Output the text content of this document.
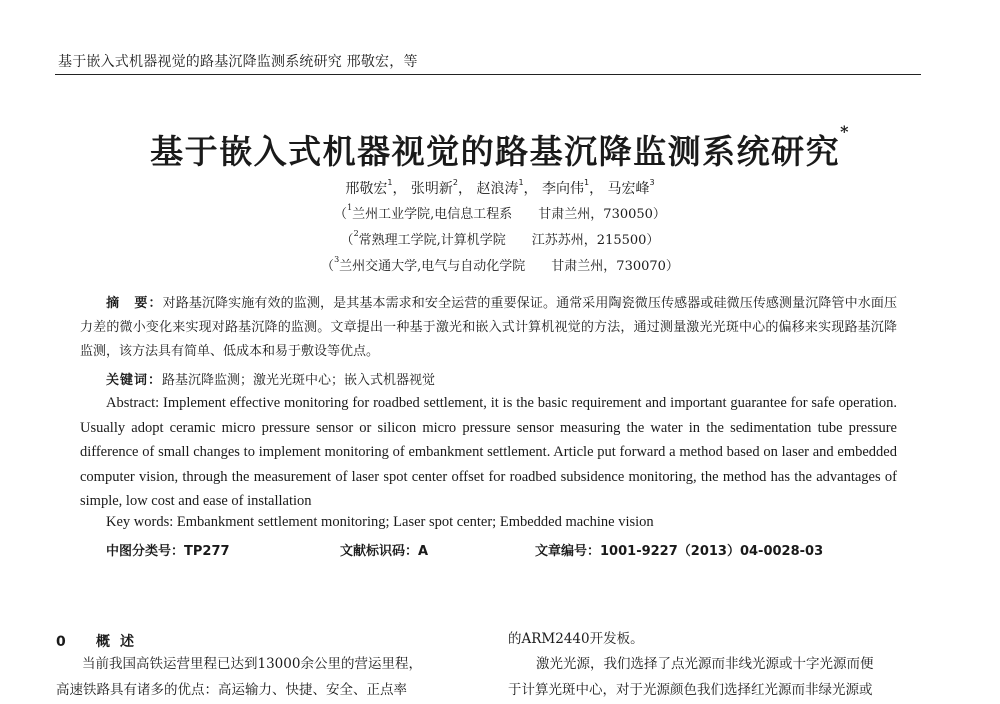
基于嵌入式机器视觉的路基沉降监测系统研究 邢敬宏，等
基于嵌入式机器视觉的路基沉降监测系统研究*
邢敬宏$^1$， 张明新$^2$， 赵浪涛$^1$， 李向伟$^1$， 马宏峰$^3$
（$^1$兰州工业学院,电信息工程系 甘肃兰州，730050）
（$^2$常熟理工学院,计算机学院 江苏苏州，215500）
（$^3$兰州交通大学,电气与自动化学院 甘肃兰州，730070）
摘　要：对路基沉降实施有效的监测，是其基本需求和安全运营的重要保证。通常采用陶瓷微压传感器或硅微压传感测量沉降管中水面压力差的微小变化来实现对路基沉降的监测。文章提出一种基于激光和嵌入式计算机视觉的方法，通过测量激光光斑中心的偏移来实现路基沉降监测，该方法具有简单、低成本和易于敷设等优点。
关键词：路基沉降监测；激光光斑中心；嵌入式机器视觉
Abstract: Implement effective monitoring for roadbed settlement, it is the basic requirement and important guarantee for safe operation. Usually adopt ceramic micro pressure sensor or silicon micro pressure sensor measuring the water in the sedimentation tube pressure difference of small changes to implement monitoring of embankment settlement. Article put forward a method based on laser and embedded computer vision, through the measurement of laser spot center offset for roadbed subsidence monitoring, the method has the advantages of simple, low cost and ease of installation
Key words: Embankment settlement monitoring; Laser spot center; Embedded machine vision
中图分类号：TP277	文献标识码：A	文章编号：1001-9227（2013）04-0028-03
0 概述
当前我国高铁运营里程已达到13000余公里的营运里程，
高速铁路具有诸多的优点：高运输力、快捷、安全、正点率
的ARM2440开发板。
激光光源，我们选择了点光源而非线光源或十字光源而便
于计算光斑中心，对于光源颜色我们选择红光源而非绿光源或
